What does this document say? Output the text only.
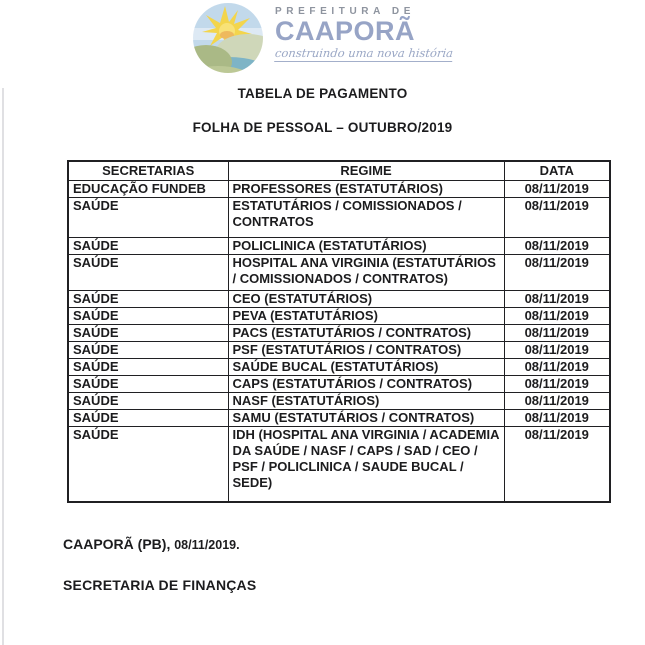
PREFEITURA DE
CAAPORÃ
construindo uma nova história
TABELA DE PAGAMENTO
FOLHA DE PESSOAL – OUTUBRO/2019
SECRETARIAS	REGIME	DATA
EDUCAÇÃO FUNDEB	PROFESSORES (ESTATUTÁRIOS)	08/11/2019
SAÚDE	ESTATUTÁRIOS / COMISSIONADOS / CONTRATOS	08/11/2019
SAÚDE	POLICLINICA (ESTATUTÁRIOS)	08/11/2019
SAÚDE	HOSPITAL ANA VIRGINIA (ESTATUTÁRIOS / COMISSIONADOS / CONTRATOS)	08/11/2019
SAÚDE	CEO (ESTATUTÁRIOS)	08/11/2019
SAÚDE	PEVA (ESTATUTÁRIOS)	08/11/2019
SAÚDE	PACS (ESTATUTÁRIOS / CONTRATOS)	08/11/2019
SAÚDE	PSF (ESTATUTÁRIOS / CONTRATOS)	08/11/2019
SAÚDE	SAÚDE BUCAL (ESTATUTÁRIOS)	08/11/2019
SAÚDE	CAPS (ESTATUTÁRIOS / CONTRATOS)	08/11/2019
SAÚDE	NASF (ESTATUTÁRIOS)	08/11/2019
SAÚDE	SAMU (ESTATUTÁRIOS / CONTRATOS)	08/11/2019
SAÚDE	IDH (HOSPITAL ANA VIRGINIA / ACADEMIA DA SAÚDE / NASF / CAPS / SAD / CEO / PSF / POLICLINICA / SAUDE BUCAL / SEDE)	08/11/2019
CAAPORÃ (PB), 08/11/2019.
SECRETARIA DE FINANÇAS
